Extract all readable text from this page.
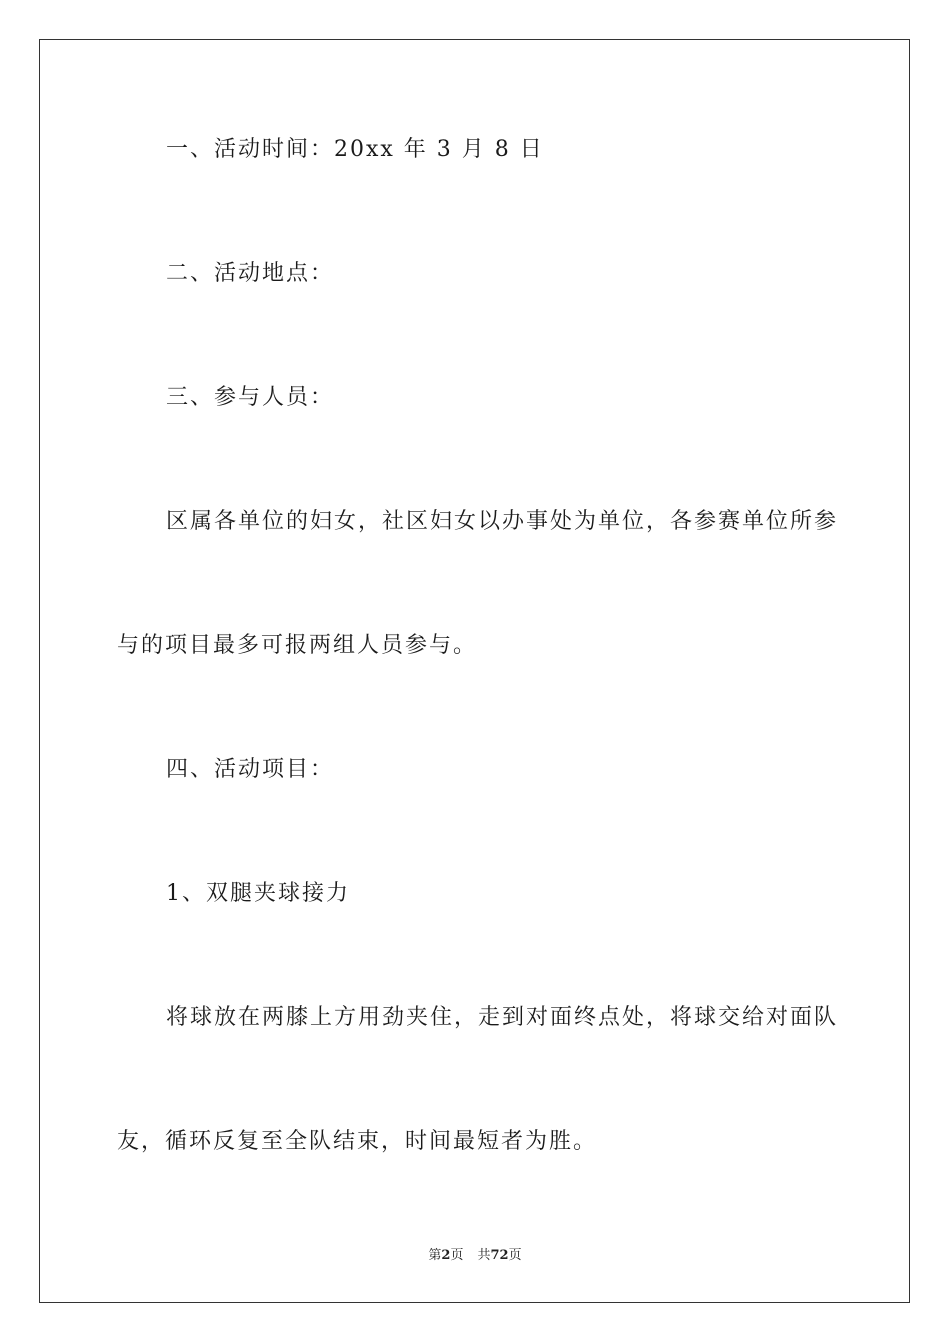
一、活动时间：20xx 年 3 月 8 日
二、活动地点：
三、参与人员：
区属各单位的妇女，社区妇女以办事处为单位，各参赛单位所参
与的项目最多可报两组人员参与。
四、活动项目：
1、双腿夹球接力
将球放在两膝上方用劲夹住，走到对面终点处，将球交给对面队
友，循环反复至全队结束，时间最短者为胜。
第2页 共72页
